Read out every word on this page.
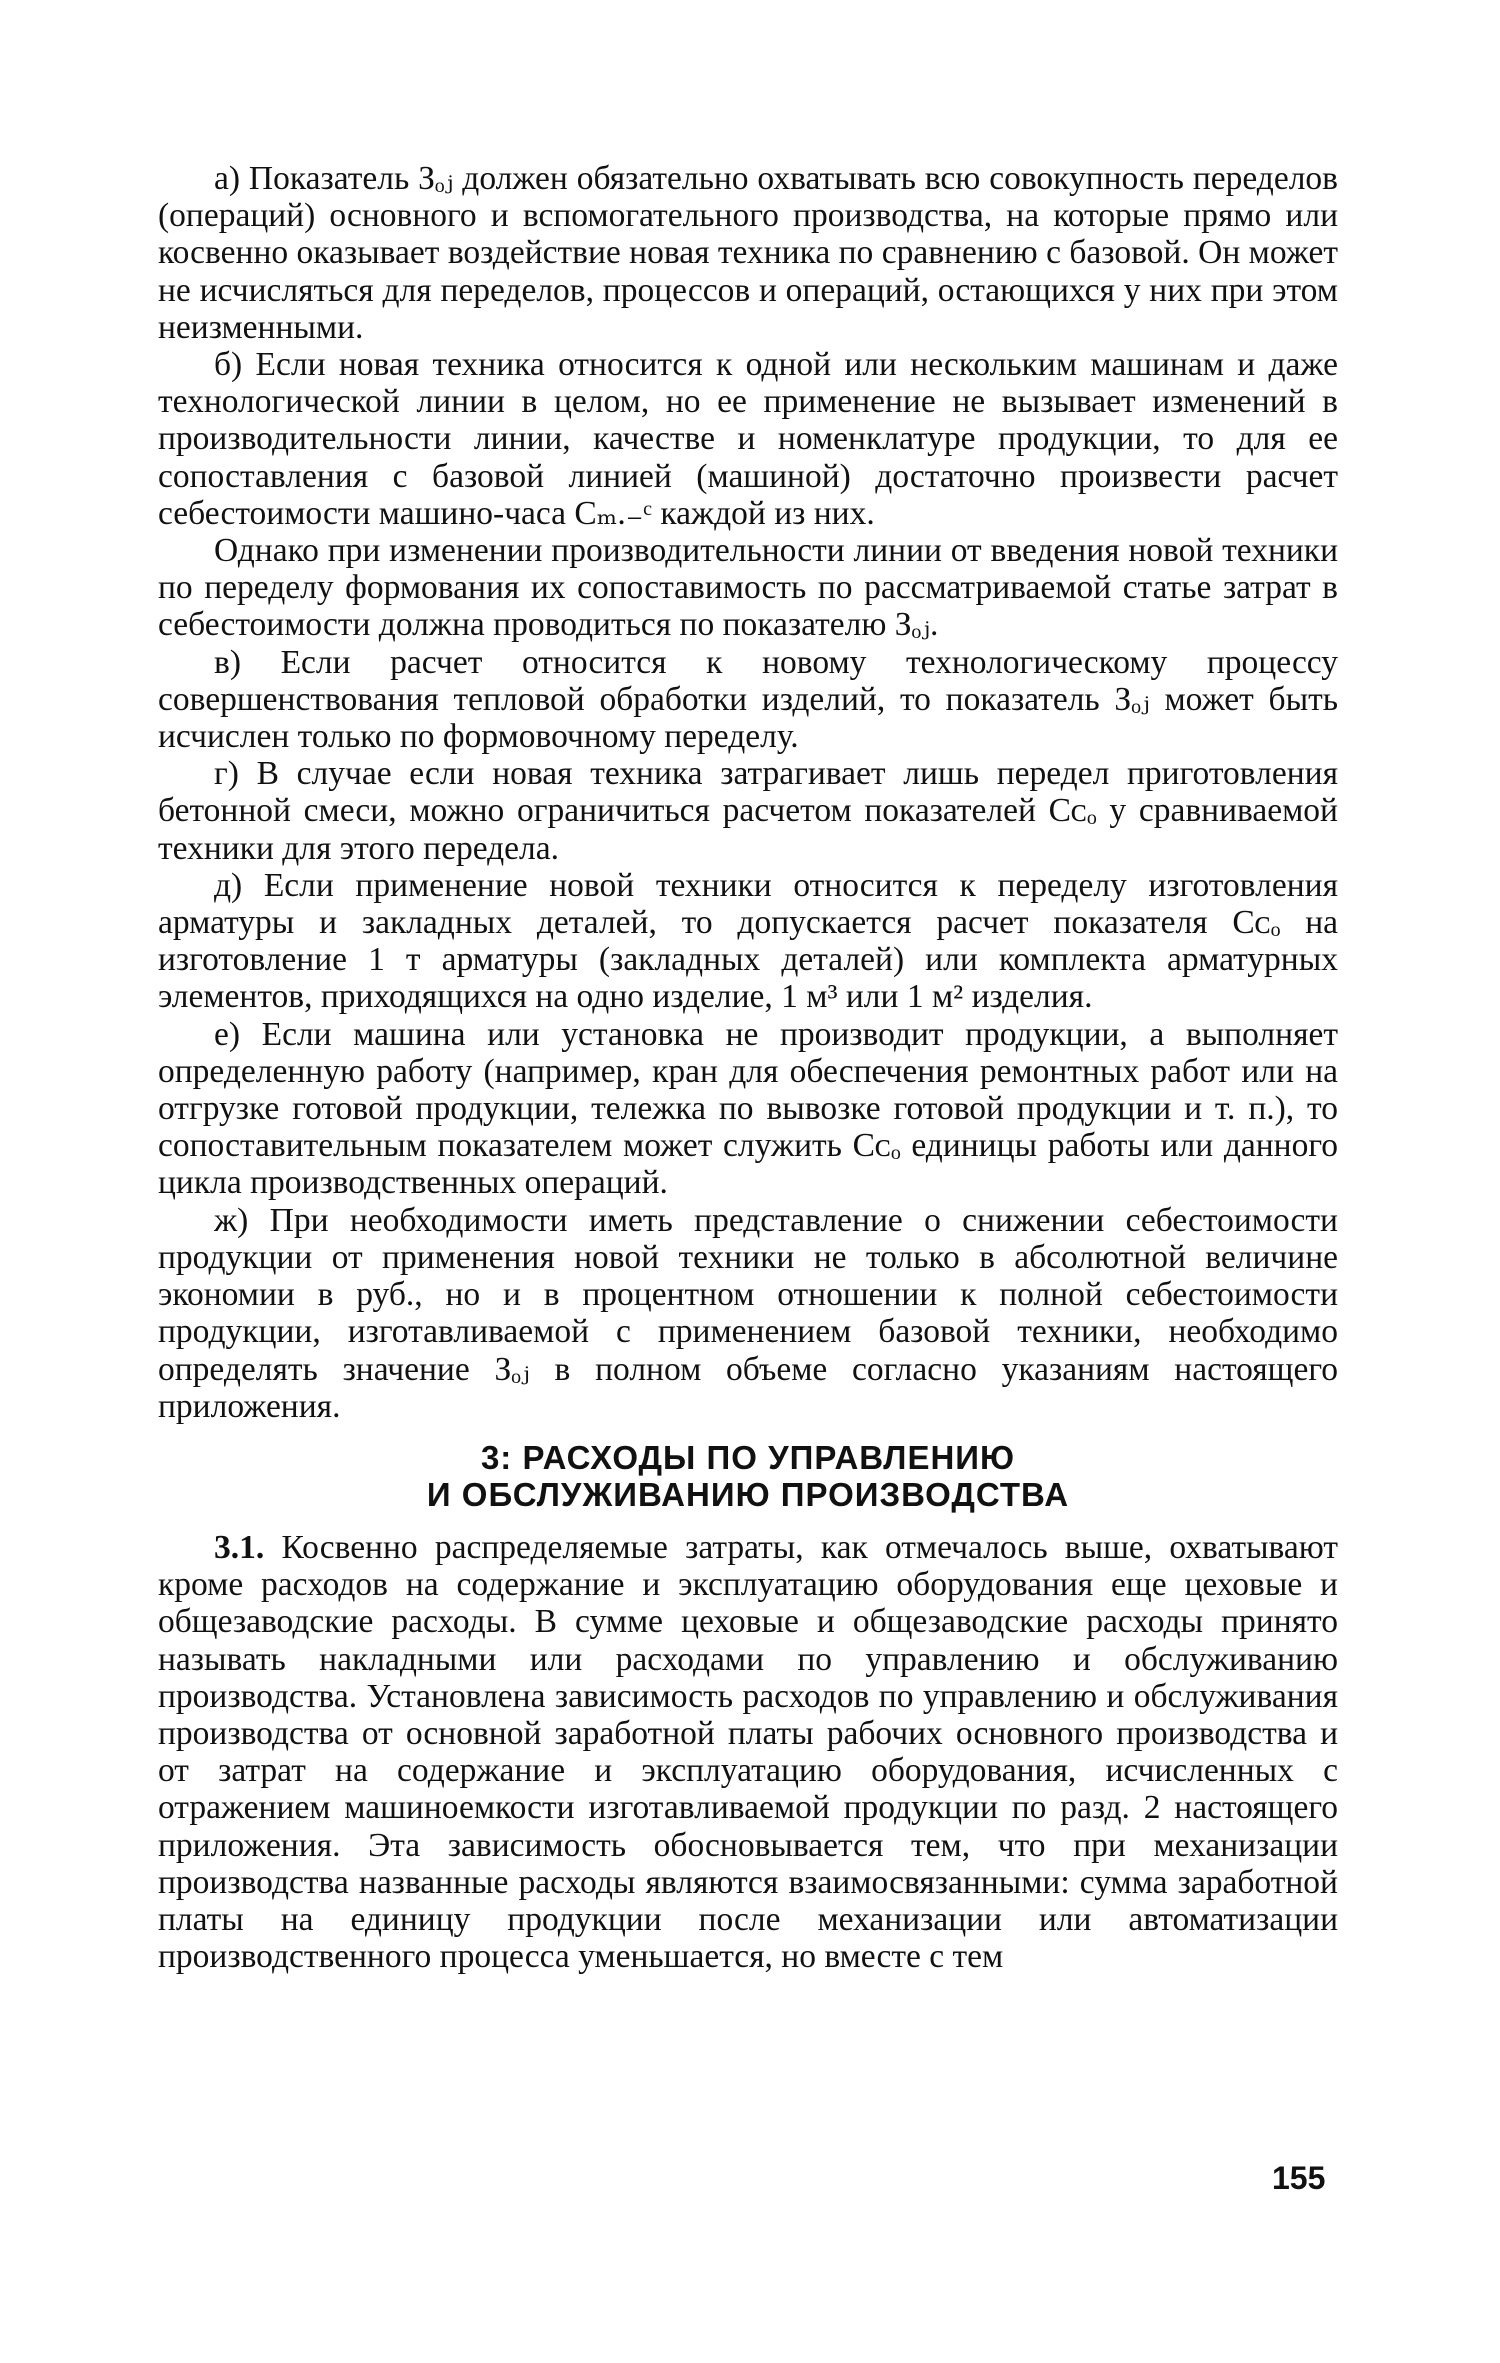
а) Показатель Зₒⱼ должен обязательно охватывать всю совокупность переделов (операций) основного и вспомогательного производства, на которые прямо или косвенно оказывает воздействие новая техника по сравнению с базовой. Он может не исчисляться для переделов, процессов и операций, остающихся у них при этом неизменными.

б) Если новая техника относится к одной или нескольким машинам и даже технологической линии в целом, но ее применение не вызывает изменений в производительности линии, качестве и номенклатуре продукции, то для ее сопоставления с базовой линией (машиной) достаточно произвести расчет себестоимости машино-часа Cₘ.₋ᶜ каждой из них.

Однако при изменении производительности линии от введения новой техники по переделу формования их сопоставимость по рассматриваемой статье затрат в себестоимости должна проводиться по показателю Зₒⱼ.

в) Если расчет относится к новому технологическому процессу совершенствования тепловой обработки изделий, то показатель Зₒⱼ может быть исчислен только по формовочному переделу.

г) В случае если новая техника затрагивает лишь передел приготовления бетонной смеси, можно ограничиться расчетом показателей Сᴄₒ у сравниваемой техники для этого передела.

д) Если применение новой техники относится к переделу изготовления арматуры и закладных деталей, то допускается расчет показателя Сᴄₒ на изготовление 1 т арматуры (закладных деталей) или комплекта арматурных элементов, приходящихся на одно изделие, 1 м³ или 1 м² изделия.

е) Если машина или установка не производит продукции, а выполняет определенную работу (например, кран для обеспечения ремонтных работ или на отгрузке готовой продукции, тележка по вывозке готовой продукции и т. п.), то сопоставительным показателем может служить Сᴄₒ единицы работы или данного цикла производственных операций.

ж) При необходимости иметь представление о снижении себестоимости продукции от применения новой техники не только в абсолютной величине экономии в руб., но и в процентном отношении к полной себестоимости продукции, изготавливаемой с применением базовой техники, необходимо определять значение Зₒⱼ в полном объеме согласно указаниям настоящего приложения.

3: РАСХОДЫ ПО УПРАВЛЕНИЮ
И ОБСЛУЖИВАНИЮ ПРОИЗВОДСТВА

3.1. Косвенно распределяемые затраты, как отмечалось выше, охватывают кроме расходов на содержание и эксплуатацию оборудования еще цеховые и общезаводские расходы. В сумме цеховые и общезаводские расходы принято называть накладными или расходами по управлению и обслуживанию производства. Установлена зависимость расходов по управлению и обслуживания производства от основной заработной платы рабочих основного производства и от затрат на содержание и эксплуатацию оборудования, исчисленных с отражением машиноемкости изготавливаемой продукции по разд. 2 настоящего приложения. Эта зависимость обосновывается тем, что при механизации производства названные расходы являются взаимосвязанными: сумма заработной платы на единицу продукции после механизации или автоматизации производственного процесса уменьшается, но вместе с тем

155
